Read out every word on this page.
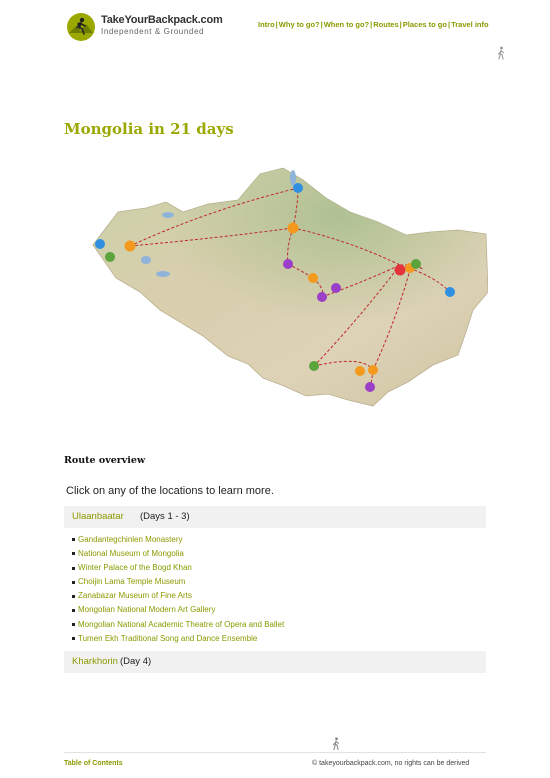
TakeYourBackpack.com
Independent & Grounded
Intro|Why to go?|When to go?|Routes|Places to go|Travel info
Mongolia in 21 days
Route overview

Click on any of the locations to learn more.

Ulaanbaatar (Days 1 - 3)
Gandantegchinlen Monastery
National Museum of Mongolia
Winter Palace of the Bogd Khan
Choijin Lama Temple Museum
Zanabazar Museum of Fine Arts
Mongolian National Modern Art Gallery
Mongolian National Academic Theatre of Opera and Ballet
Tumen Ekh Traditional Song and Dance Ensemble
Kharkhorin (Day 4)
Table of Contents	© takeyourbackpack.com, no rights can be derived
